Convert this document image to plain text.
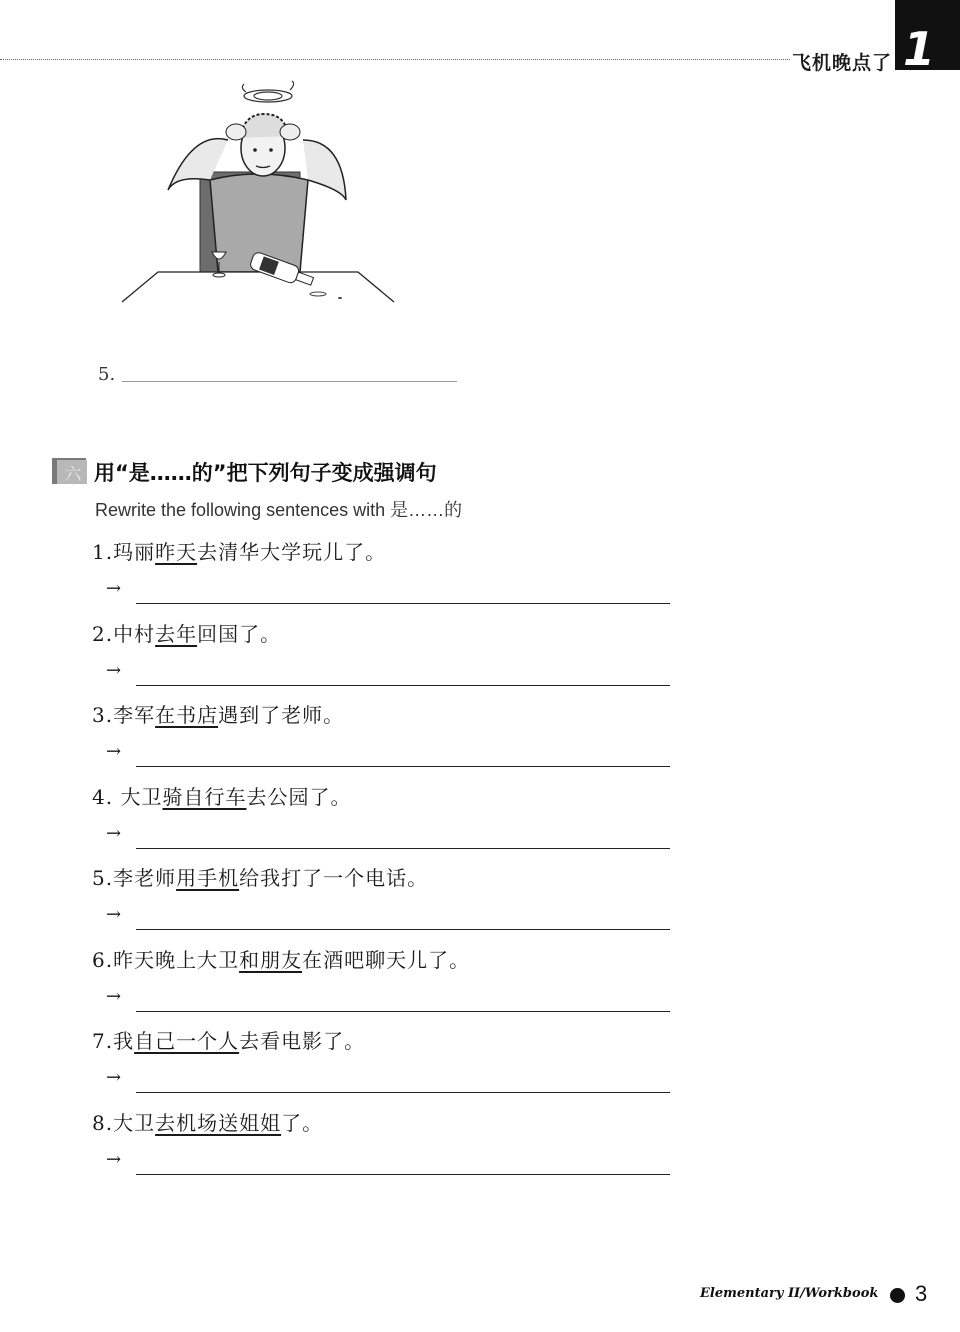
飞机晚点了 1
5.
六 用“是……的”把下列句子变成强调句
Rewrite the following sentences with 是……的
1.玛丽昨天去清华大学玩儿了。
→
2.中村去年回国了。
→
3.李军在书店遇到了老师。
→
4. 大卫骑自行车去公园了。
→
5.李老师用手机给我打了一个电话。
→
6.昨天晚上大卫和朋友在酒吧聊天儿了。
→
7.我自己一个人去看电影了。
→
8.大卫去机场送姐姐了。
→
Elementary II/Workbook 3
